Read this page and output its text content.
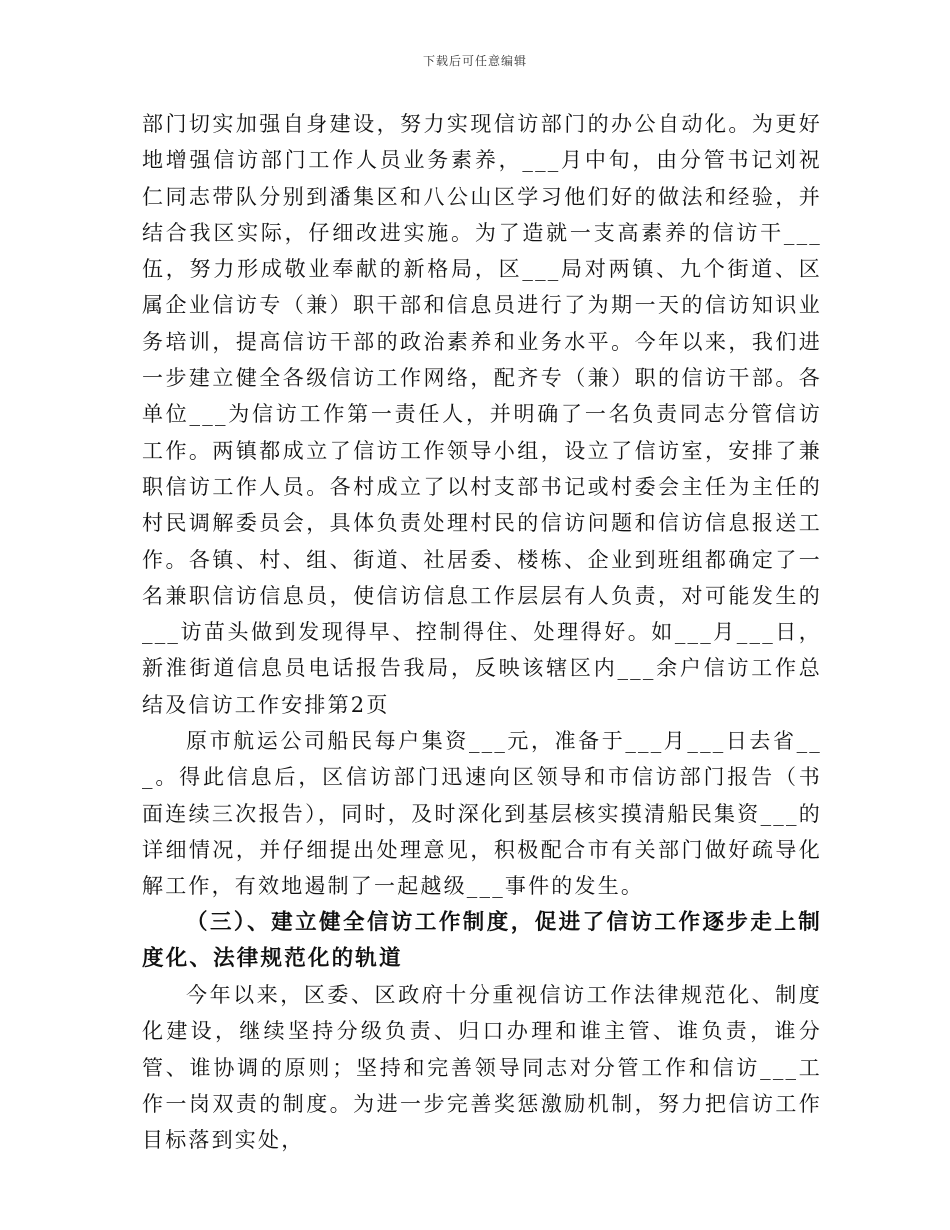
下载后可任意编辑

部门切实加强自身建设，努力实现信访部门的办公自动化。为更好地增强信访部门工作人员业务素养，___月中旬，由分管书记刘祝仁同志带队分别到潘集区和八公山区学习他们好的做法和经验，并结合我区实际，仔细改进实施。为了造就一支高素养的信访干___伍，努力形成敬业奉献的新格局，区___局对两镇、九个街道、区属企业信访专（兼）职干部和信息员进行了为期一天的信访知识业务培训，提高信访干部的政治素养和业务水平。今年以来，我们进一步建立健全各级信访工作网络，配齐专（兼）职的信访干部。各单位___为信访工作第一责任人，并明确了一名负责同志分管信访工作。两镇都成立了信访工作领导小组，设立了信访室，安排了兼职信访工作人员。各村成立了以村支部书记或村委会主任为主任的村民调解委员会，具体负责处理村民的信访问题和信访信息报送工作。各镇、村、组、街道、社居委、楼栋、企业到班组都确定了一名兼职信访信息员，使信访信息工作层层有人负责，对可能发生的___访苗头做到发现得早、控制得住、处理得好。如___月___日，新淮街道信息员电话报告我局，反映该辖区内___余户信访工作总结及信访工作安排第2页

原市航运公司船民每户集资___元，准备于___月___日去省___。得此信息后，区信访部门迅速向区领导和市信访部门报告（书面连续三次报告），同时，及时深化到基层核实摸清船民集资___的详细情况，并仔细提出处理意见，积极配合市有关部门做好疏导化解工作，有效地遏制了一起越级___事件的发生。

（三）、建立健全信访工作制度，促进了信访工作逐步走上制度化、法律规范化的轨道

今年以来，区委、区政府十分重视信访工作法律规范化、制度化建设，继续坚持分级负责、归口办理和谁主管、谁负责，谁分管、谁协调的原则；坚持和完善领导同志对分管工作和信访___工作一岗双责的制度。为进一步完善奖惩激励机制，努力把信访工作目标落到实处，
